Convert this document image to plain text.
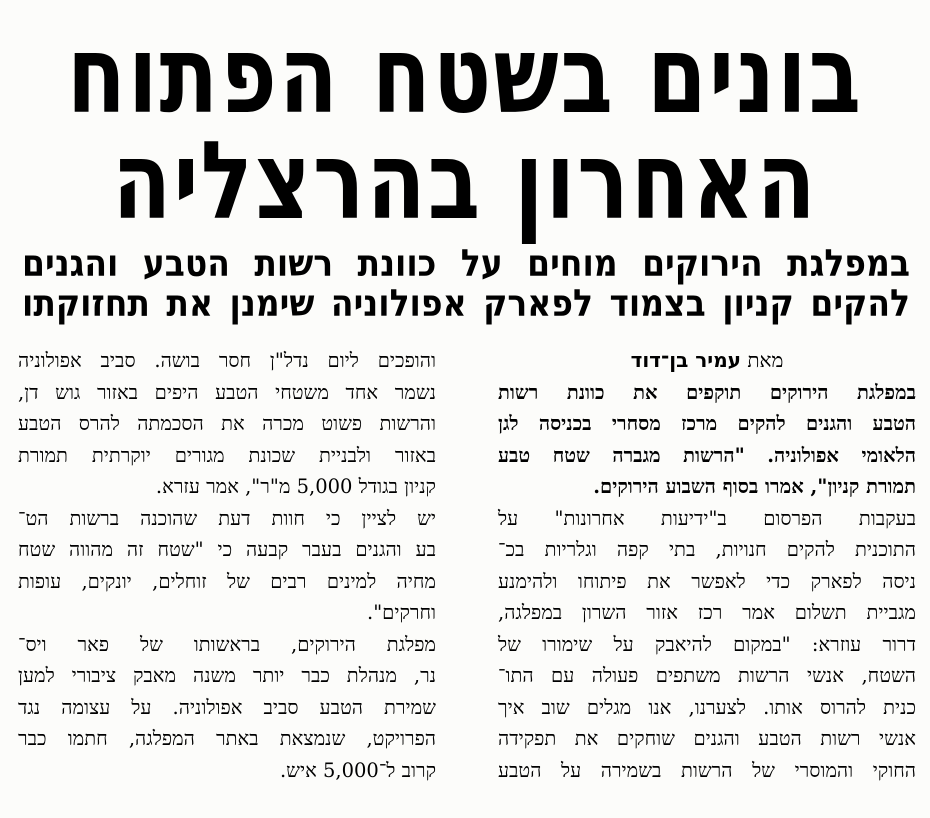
בונים בשטח הפתוח
האחרון בהרצליה
במפלגת הירוקים מוחים על כוונת רשות הטבע והגנים
להקים קניון בצמוד לפארק אפולוניה שימנן את תחזוקתו
מאת עמיר בן־דוד
במפלגת הירוקים תוקפים את כוונת רשות
הטבע והגנים להקים מרכז מסחרי בכניסה לגן
הלאומי אפולוניה. "הרשות מגברה שטח טבע
תמורת קניון", אמרו בסוף השבוע הירוקים.
בעקבות הפרסום ב"ידיעות אחרונות" על
התוכנית להקים חנויות, בתי קפה וגלריות בכ־
ניסה לפארק כדי לאפשר את פיתוחו ולהימנע
מגביית תשלום אמר רכז אזור השרון במפלגה,
דרור עוזרא: "במקום להיאבק על שימורו של
השטח, אנשי הרשות משתפים פעולה עם התו־
כנית להרוס אותו. לצערנו, אנו מגלים שוב איך
אנשי רשות הטבע והגנים שוחקים את תפקידה
החוקי והמוסרי של הרשות בשמירה על הטבע
והופכים ליום נדל"ן חסר בושה. סביב אפולוניה
נשמר אחד משטחי הטבע היפים באזור גוש דן,
והרשות פשוט מכרה את הסכמתה להרס הטבע
באזור ולבניית שכונת מגורים יוקרתית תמורת
קניון בגודל 5,000 מ"ר", אמר עזרא.
יש לציין כי חוות דעת שהוכנה ברשות הט־
בע והגנים בעבר קבעה כי "שטח זה מהווה שטח
מחיה למינים רבים של זוחלים, יונקים, עופות
וחרקים".
מפלגת הירוקים, בראשותו של פאר ויס־
נר, מנהלת כבר יותר משנה מאבק ציבורי למען
שמירת הטבע סביב אפולוניה. על עצומה נגד
הפרויקט, שנמצאת באתר המפלגה, חתמו כבר
קרוב ל־5,000 איש.
